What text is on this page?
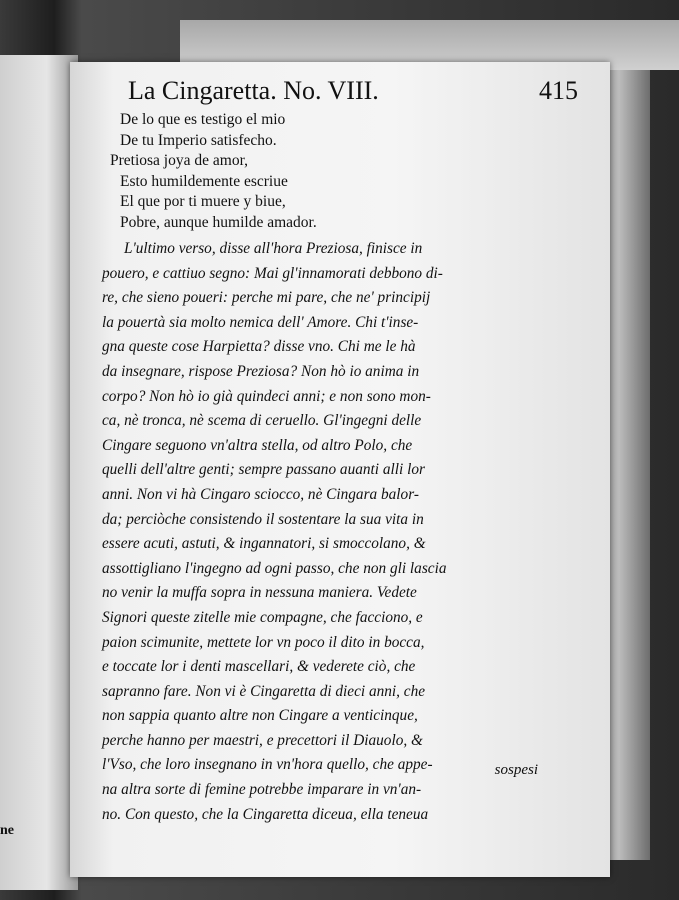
ne
La Cingaretta. No. VIII.	415
De lo que es testigo el mio
De tu Imperio satisfecho.
Pretiosa joya de amor,
Esto humildemente escriue
El que por ti muere y biue,
Pobre, aunque humilde amador.
L'ultimo verso, disse all'hora Preziosa, finisce in
pouero, e cattiuo segno: Mai gl'innamorati debbono di-
re, che sieno poueri: perche mi pare, che ne' principij
la pouertà sia molto nemica dell' Amore. Chi t'inse-
gna queste cose Harpietta? disse vno. Chi me le hà
da insegnare, rispose Preziosa? Non hò io anima in
corpo? Non hò io già quindeci anni; e non sono mon-
ca, nè tronca, nè scema di ceruello. Gl'ingegni delle
Cingare seguono vn'altra stella, od altro Polo, che
quelli dell'altre genti; sempre passano auanti alli lor
anni. Non vi hà Cingaro sciocco, nè Cingara balor-
da; perciòche consistendo il sostentare la sua vita in
essere acuti, astuti, & ingannatori, si smoccolano, &
assottigliano l'ingegno ad ogni passo, che non gli lascia
no venir la muffa sopra in nessuna maniera. Vedete
Signori queste zitelle mie compagne, che facciono, e
paion scimunite, mettete lor vn poco il dito in bocca,
e toccate lor i denti mascellari, & vederete ciò, che
sapranno fare. Non vi è Cingaretta di dieci anni, che
non sappia quanto altre non Cingare a venticinque,
perche hanno per maestri, e precettori il Diauolo, &
l'Vso, che loro insegnano in vn'hora quello, che appe-
na altra sorte di femine potrebbe imparare in vn'an-
no. Con questo, che la Cingaretta diceua, ella teneua
sospesi
